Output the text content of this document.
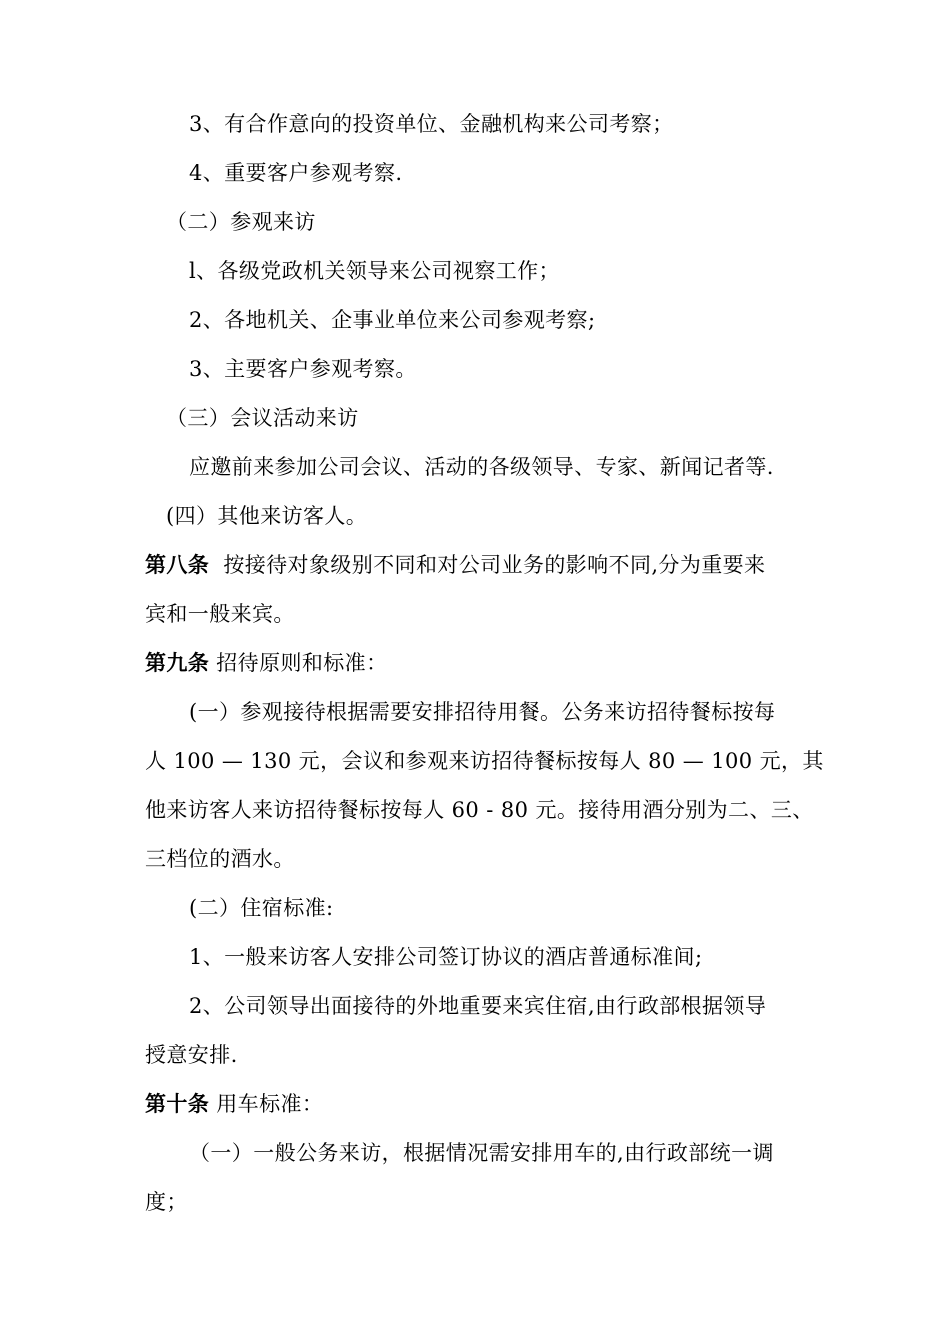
3、有合作意向的投资单位、金融机构来公司考察；
4、重要客户参观考察.
（二）参观来访
l、各级党政机关领导来公司视察工作；
2、各地机关、企事业单位来公司参观考察;
3、主要客户参观考察。
（三）会议活动来访
应邀前来参加公司会议、活动的各级领导、专家、新闻记者等.
(四）其他来访客人。
第八条 按接待对象级别不同和对公司业务的影响不同,分为重要来
宾和一般来宾。
第九条 招待原则和标准：
(一）参观接待根据需要安排招待用餐。公务来访招待餐标按每
人 100 — 130 元，会议和参观来访招待餐标按每人 80 — 100 元，其
他来访客人来访招待餐标按每人 60 - 80 元。接待用酒分别为二、三、
三档位的酒水。
(二）住宿标准:
1、一般来访客人安排公司签订协议的酒店普通标准间;
2、公司领导出面接待的外地重要来宾住宿,由行政部根据领导
授意安排.
第十条 用车标准：
（一）一般公务来访，根据情况需安排用车的,由行政部统一调
度；
